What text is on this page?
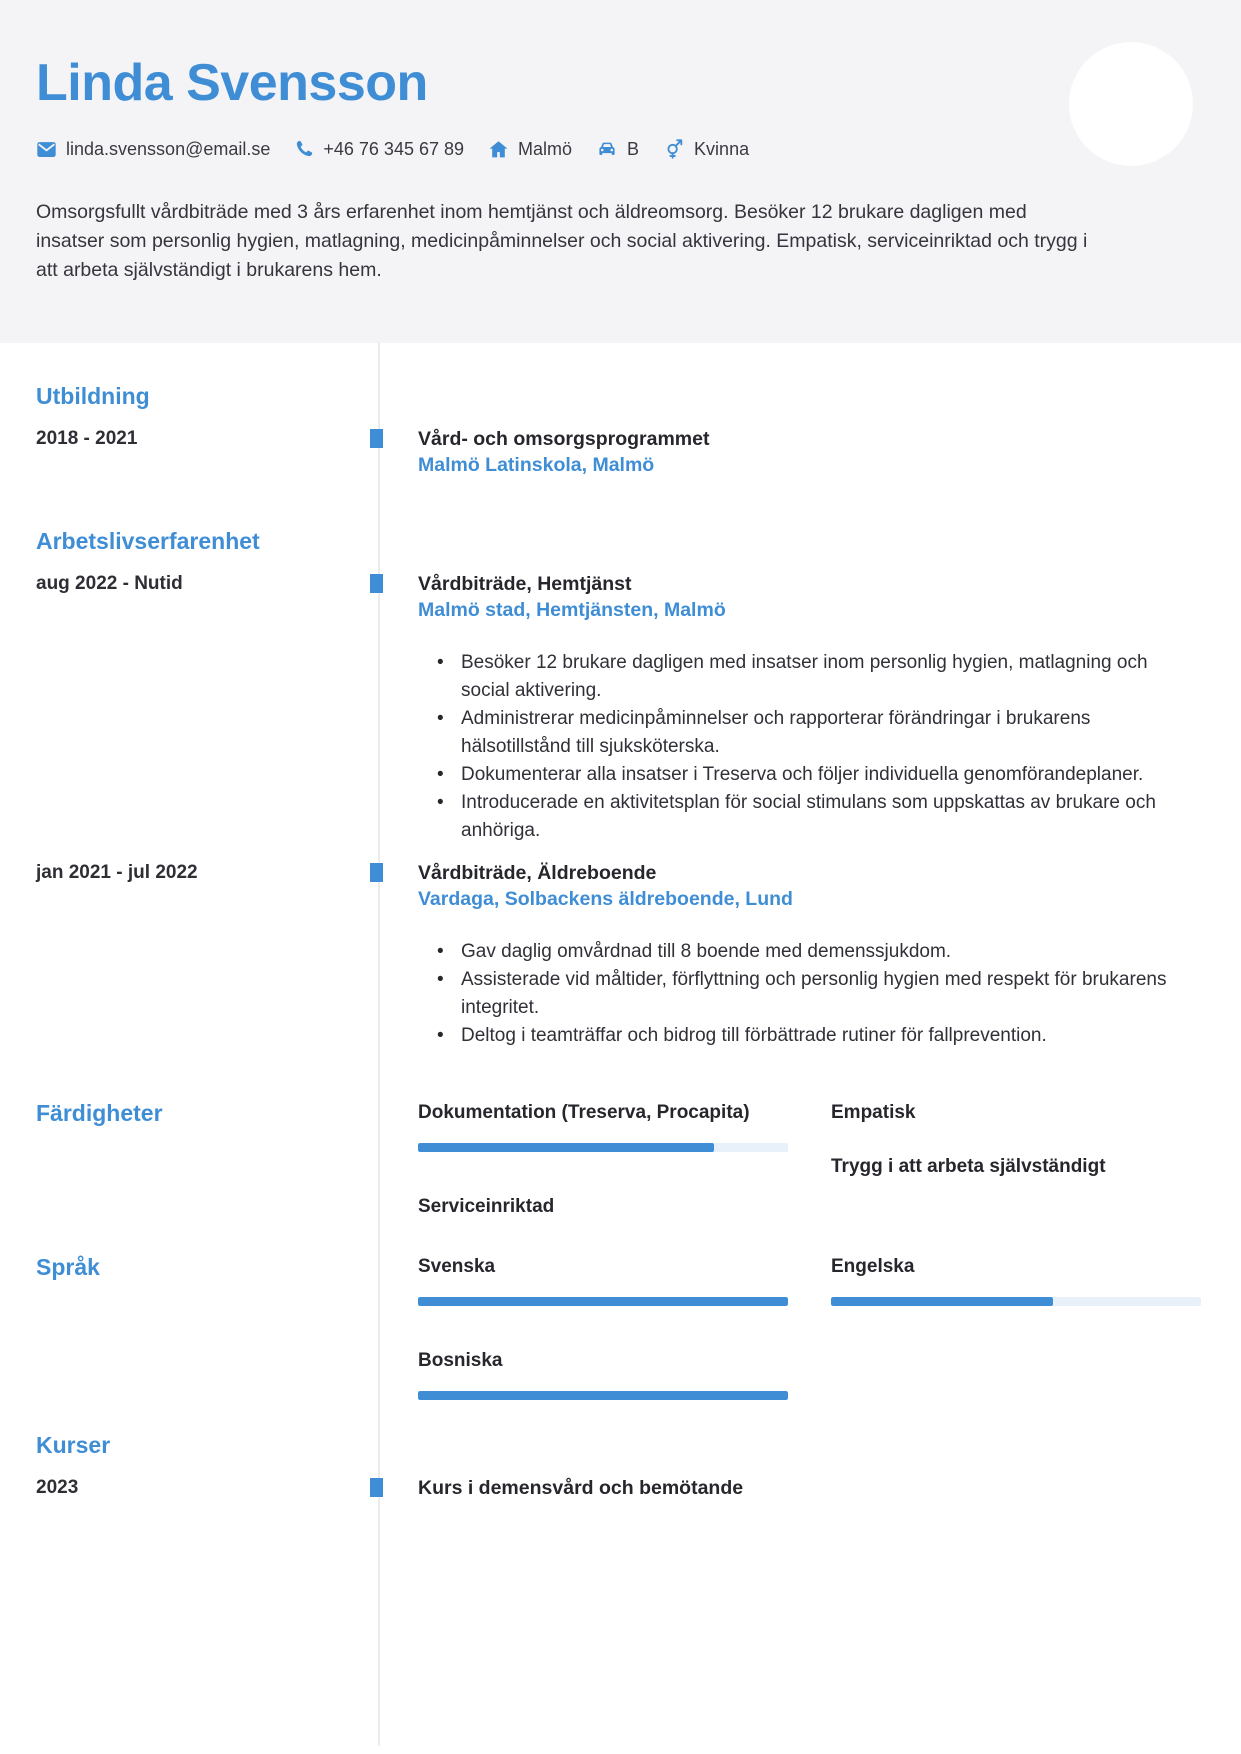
Linda Svensson
linda.svensson@email.se	+46 76 345 67 89	Malmö	B	Kvinna

Omsorgsfullt vårdbiträde med 3 års erfarenhet inom hemtjänst och äldreomsorg. Besöker 12 brukare dagligen med insatser som personlig hygien, matlagning, medicinpåminnelser och social aktivering. Empatisk, serviceinriktad och trygg i att arbeta självständigt i brukarens hem.

Utbildning
2018 - 2021	Vård- och omsorgsprogrammet
Malmö Latinskola, Malmö
Arbetslivserfarenhet
aug 2022 - Nutid	Vårdbiträde, Hemtjänst
Malmö stad, Hemtjänsten, Malmö
• Besöker 12 brukare dagligen med insatser inom personlig hygien, matlagning och social aktivering.
• Administrerar medicinpåminnelser och rapporterar förändringar i brukarens hälsotillstånd till sjuksköterska.
• Dokumenterar alla insatser i Treserva och följer individuella genomförandeplaner.
• Introducerade en aktivitetsplan för social stimulans som uppskattas av brukare och anhöriga.
jan 2021 - jul 2022	Vårdbiträde, Äldreboende
Vardaga, Solbackens äldreboende, Lund
• Gav daglig omvårdnad till 8 boende med demenssjukdom.
• Assisterade vid måltider, förflyttning och personlig hygien med respekt för brukarens integritet.
• Deltog i teamträffar och bidrog till förbättrade rutiner för fallprevention.
Färdigheter	Dokumentation (Treserva, Procapita)
Serviceinriktad
Empatisk
Trygg i att arbeta självständigt
Språk	Svenska
Bosniska
Engelska
Kurser
2023	Kurs i demensvård och bemötande
